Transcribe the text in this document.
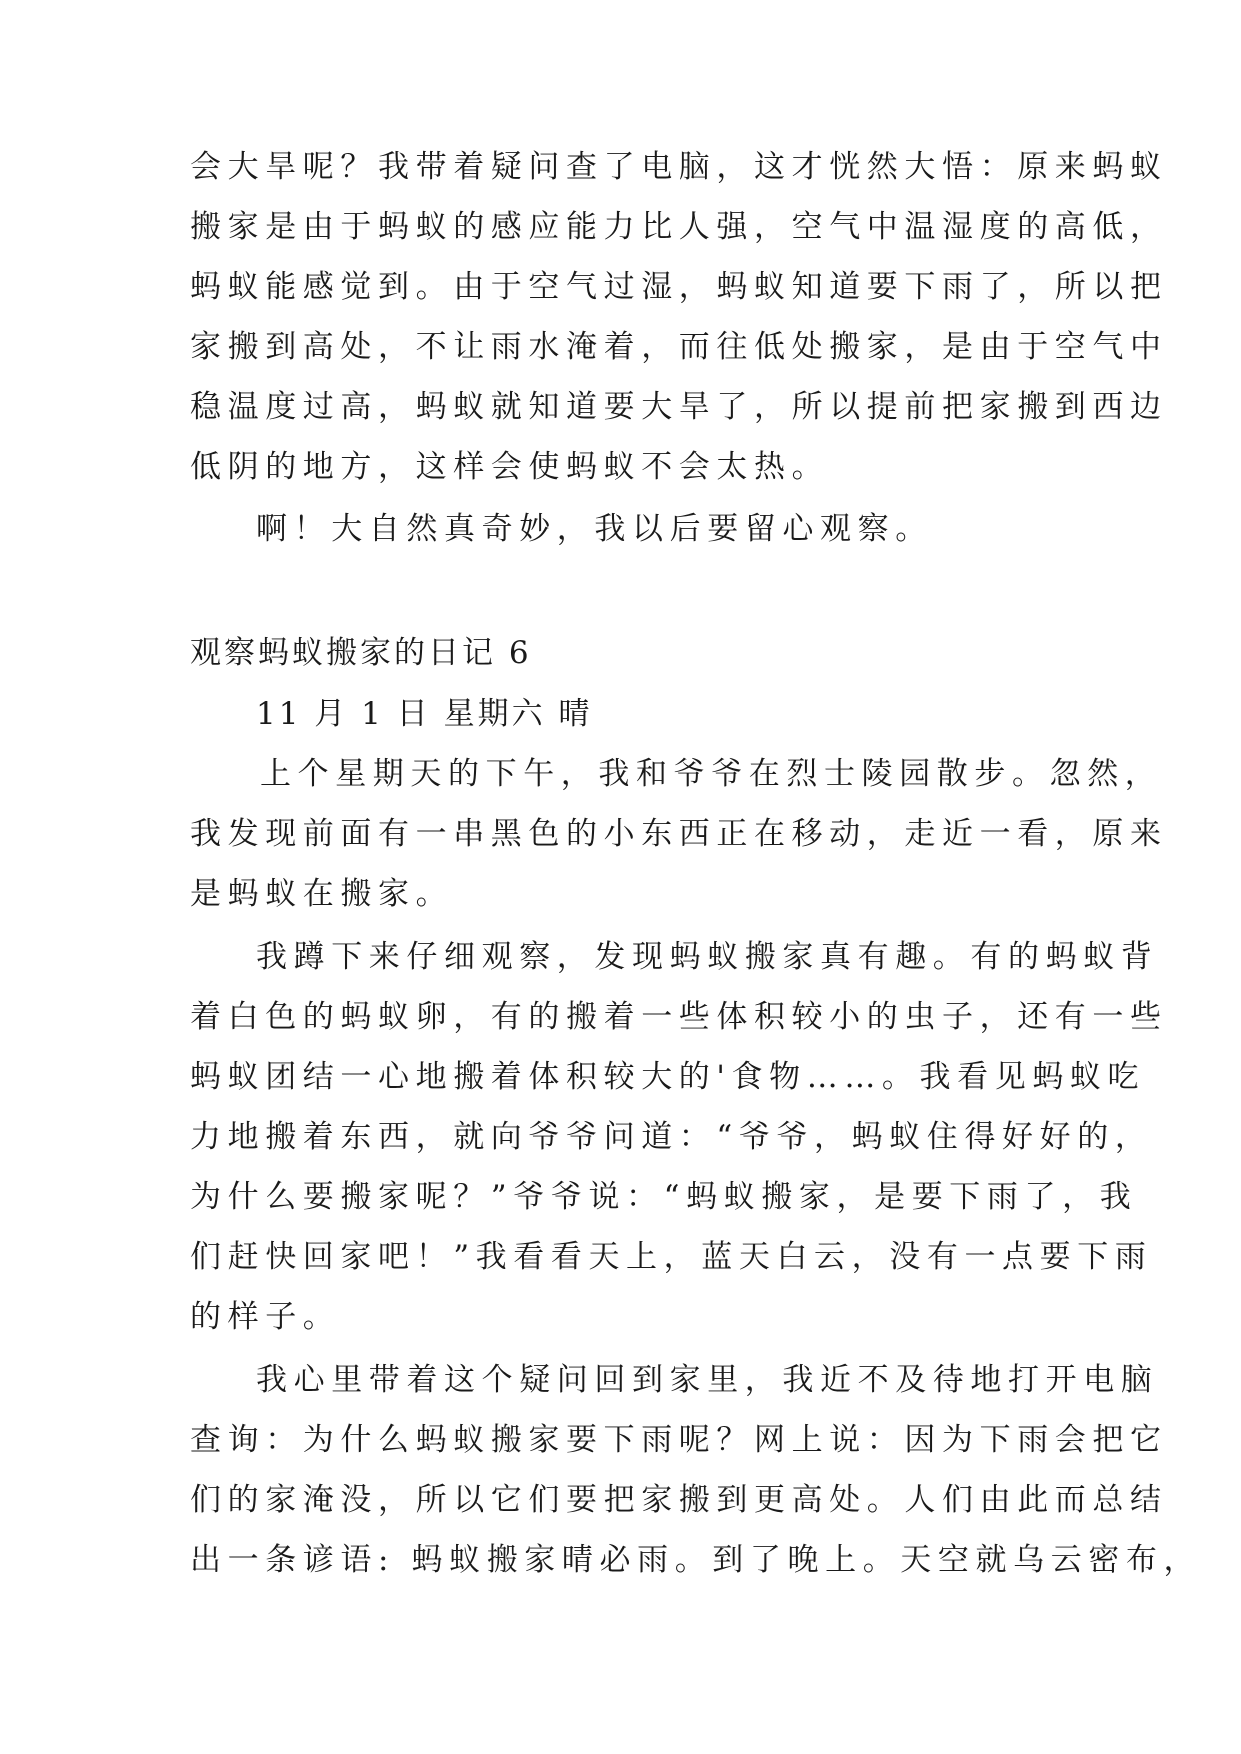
会大旱呢？我带着疑问查了电脑，这才恍然大悟：原来蚂蚁
搬家是由于蚂蚁的感应能力比人强，空气中温湿度的高低，
蚂蚁能感觉到。由于空气过湿，蚂蚁知道要下雨了，所以把
家搬到高处，不让雨水淹着，而往低处搬家，是由于空气中
稳温度过高，蚂蚁就知道要大旱了，所以提前把家搬到西边
低阴的地方，这样会使蚂蚁不会太热。
啊！大自然真奇妙，我以后要留心观察。
观察蚂蚁搬家的日记 6
11 月 1 日 星期六 晴
上个星期天的下午，我和爷爷在烈士陵园散步。忽然，
我发现前面有一串黑色的小东西正在移动，走近一看，原来
是蚂蚁在搬家。
我蹲下来仔细观察，发现蚂蚁搬家真有趣。有的蚂蚁背
着白色的蚂蚁卵，有的搬着一些体积较小的虫子，还有一些
蚂蚁团结一心地搬着体积较大的'食物……。我看见蚂蚁吃
力地搬着东西，就向爷爷问道：“爷爷，蚂蚁住得好好的，
为什么要搬家呢？”爷爷说：“蚂蚁搬家，是要下雨了，我
们赶快回家吧！”我看看天上，蓝天白云，没有一点要下雨
的样子。
我心里带着这个疑问回到家里，我近不及待地打开电脑
查询：为什么蚂蚁搬家要下雨呢？网上说：因为下雨会把它
们的家淹没，所以它们要把家搬到更高处。人们由此而总结
出一条谚语: 蚂蚁搬家晴必雨。到了晚上。天空就乌云密布，
